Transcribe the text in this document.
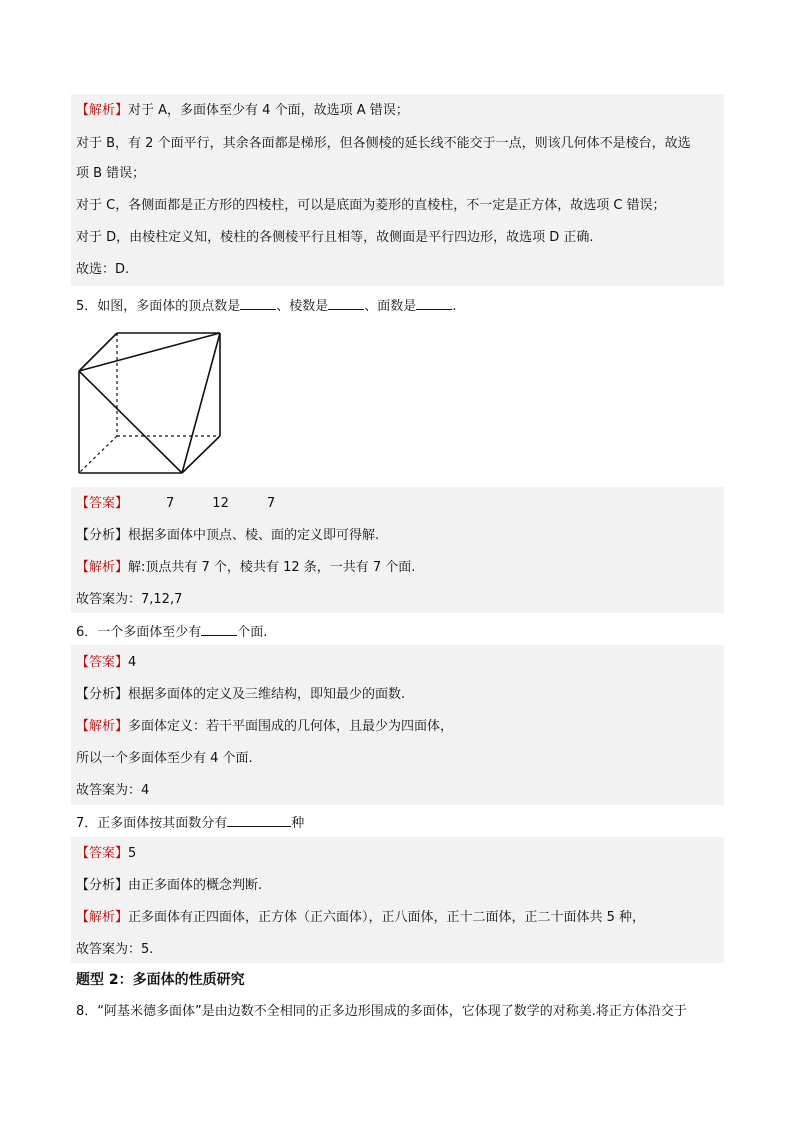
【解析】对于 A，多面体至少有 4 个面，故选项 A 错误；
对于 B，有 2 个面平行，其余各面都是梯形，但各侧棱的延长线不能交于一点，则该几何体不是棱台，故选
项 B 错误；
对于 C，各侧面都是正方形的四棱柱，可以是底面为菱形的直棱柱，不一定是正方体，故选项 C 错误；
对于 D，由棱柱定义知，棱柱的各侧棱平行且相等，故侧面是平行四边形，故选项 D 正确.
故选：D.
5．如图，多面体的顶点数是	、棱数是	、面数是	.
【答案】	7	12	7
【分析】根据多面体中顶点、棱、面的定义即可得解.
【解析】解:顶点共有 7 个，棱共有 12 条，一共有 7 个面.
故答案为：7,12,7
6．一个多面体至少有	个面.
【答案】4
【分析】根据多面体的定义及三维结构，即知最少的面数.
【解析】多面体定义：若干平面围成的几何体，且最少为四面体，
所以一个多面体至少有 4 个面.
故答案为：4
7．正多面体按其面数分有	种
【答案】5
【分析】由正多面体的概念判断.
【解析】正多面体有正四面体，正方体（正六面体），正八面体，正十二面体，正二十面体共 5 种，
故答案为：5.
题型 2：多面体的性质研究
8．“阿基米德多面体”是由边数不全相同的正多边形围成的多面体，它体现了数学的对称美.将正方体沿交于
